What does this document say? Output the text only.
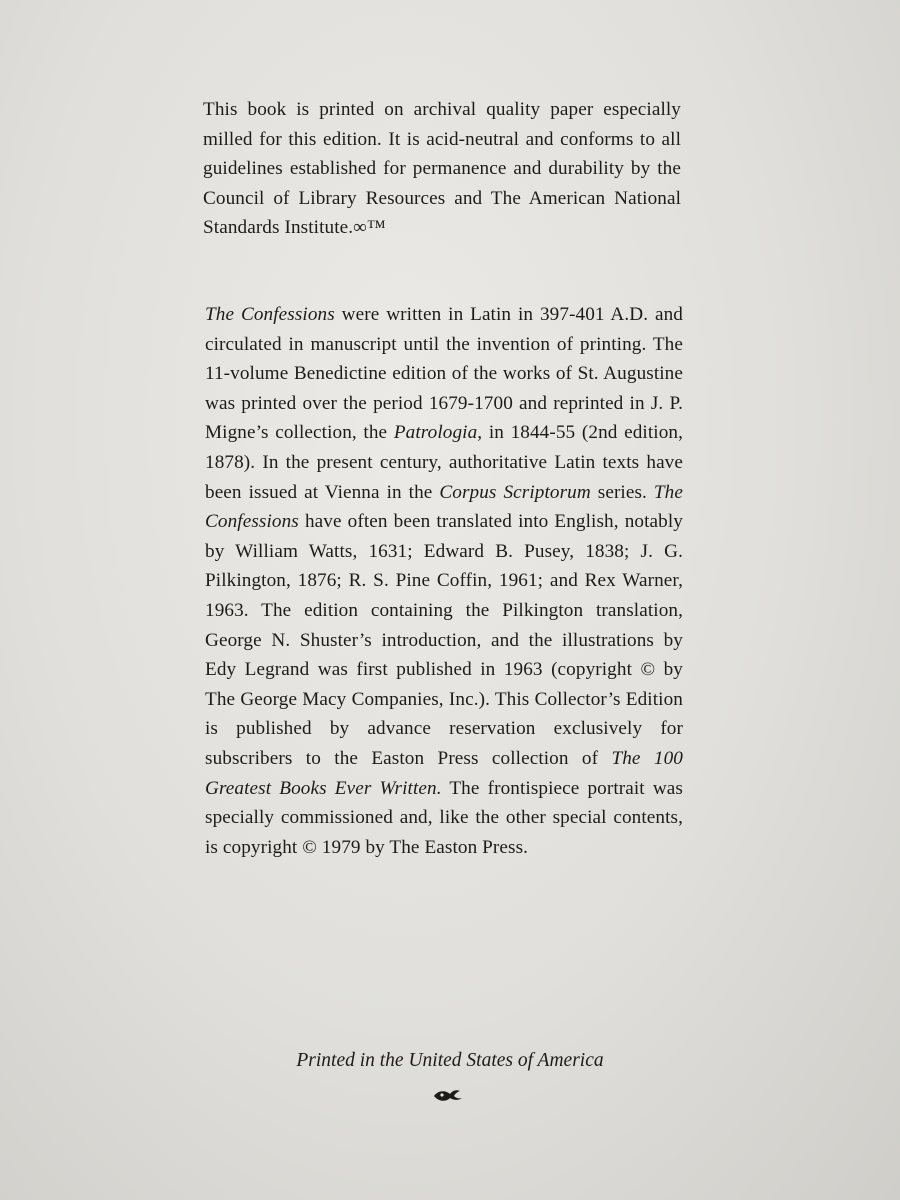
This book is printed on archival quality paper especially milled for this edition. It is acid-neutral and conforms to all guidelines established for permanence and durability by the Council of Library Resources and The American National Standards Institute.∞™

The Confessions were written in Latin in 397-401 A.D. and circulated in manuscript until the invention of printing. The 11-volume Benedictine edition of the works of St. Augustine was printed over the period 1679-1700 and reprinted in J. P. Migne’s collection, the Patrologia, in 1844-55 (2nd edition, 1878). In the present century, authoritative Latin texts have been issued at Vienna in the Corpus Scriptorum series. The Confessions have often been translated into English, notably by William Watts, 1631; Edward B. Pusey, 1838; J. G. Pilkington, 1876; R. S. Pine Coffin, 1961; and Rex Warner, 1963. The edition containing the Pilkington translation, George N. Shuster’s introduction, and the illustrations by Edy Legrand was first published in 1963 (copyright © by The George Macy Companies, Inc.). This Collector’s Edition is published by advance reservation exclusively for subscribers to the Easton Press collection of The 100 Greatest Books Ever Written. The frontispiece portrait was specially commissioned and, like the other special contents, is copyright © 1979 by The Easton Press.

Printed in the United States of America
